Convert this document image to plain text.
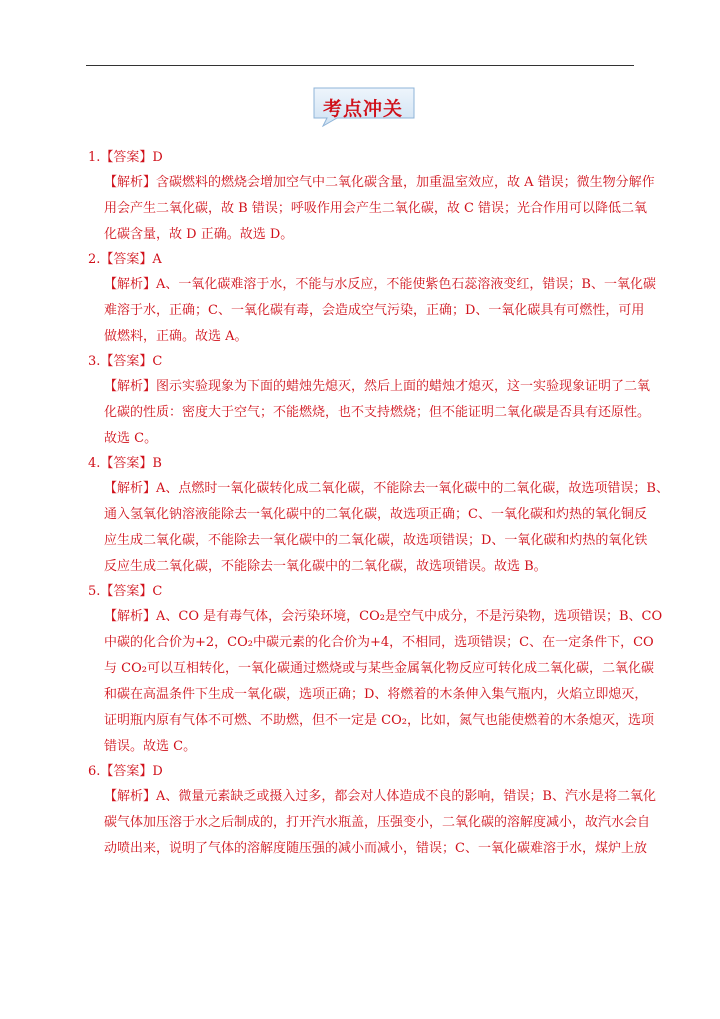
考点冲关
1.【答案】D
【解析】含碳燃料的燃烧会增加空气中二氧化碳含量，加重温室效应，故 A 错误；微生物分解作
用会产生二氧化碳，故 B 错误；呼吸作用会产生二氧化碳，故 C 错误；光合作用可以降低二氧
化碳含量，故 D 正确。故选 D。
2.【答案】A
【解析】A、一氧化碳难溶于水，不能与水反应，不能使紫色石蕊溶液变红，错误；B、一氧化碳
难溶于水，正确；C、一氧化碳有毒，会造成空气污染，正确；D、一氧化碳具有可燃性，可用
做燃料，正确。故选 A。
3.【答案】C
【解析】图示实验现象为下面的蜡烛先熄灭，然后上面的蜡烛才熄灭，这一实验现象证明了二氧
化碳的性质：密度大于空气；不能燃烧，也不支持燃烧；但不能证明二氧化碳是否具有还原性。
故选 C。
4.【答案】B
【解析】A、点燃时一氧化碳转化成二氧化碳，不能除去一氧化碳中的二氧化碳，故选项错误；B、
通入氢氧化钠溶液能除去一氧化碳中的二氧化碳，故选项正确；C、一氧化碳和灼热的氧化铜反
应生成二氧化碳，不能除去一氧化碳中的二氧化碳，故选项错误；D、一氧化碳和灼热的氧化铁
反应生成二氧化碳，不能除去一氧化碳中的二氧化碳，故选项错误。故选 B。
5.【答案】C
【解析】A、CO 是有毒气体，会污染环境，CO₂是空气中成分，不是污染物，选项错误；B、CO
中碳的化合价为+2，CO₂中碳元素的化合价为+4，不相同，选项错误；C、在一定条件下，CO
与 CO₂可以互相转化，一氧化碳通过燃烧或与某些金属氧化物反应可转化成二氧化碳，二氧化碳
和碳在高温条件下生成一氧化碳，选项正确；D、将燃着的木条伸入集气瓶内，火焰立即熄灭，
证明瓶内原有气体不可燃、不助燃，但不一定是 CO₂，比如，氮气也能使燃着的木条熄灭，选项
错误。故选 C。
6.【答案】D
【解析】A、微量元素缺乏或摄入过多，都会对人体造成不良的影响，错误；B、汽水是将二氧化
碳气体加压溶于水之后制成的，打开汽水瓶盖，压强变小，二氧化碳的溶解度减小，故汽水会自
动喷出来，说明了气体的溶解度随压强的减小而减小，错误；C、一氧化碳难溶于水，煤炉上放
